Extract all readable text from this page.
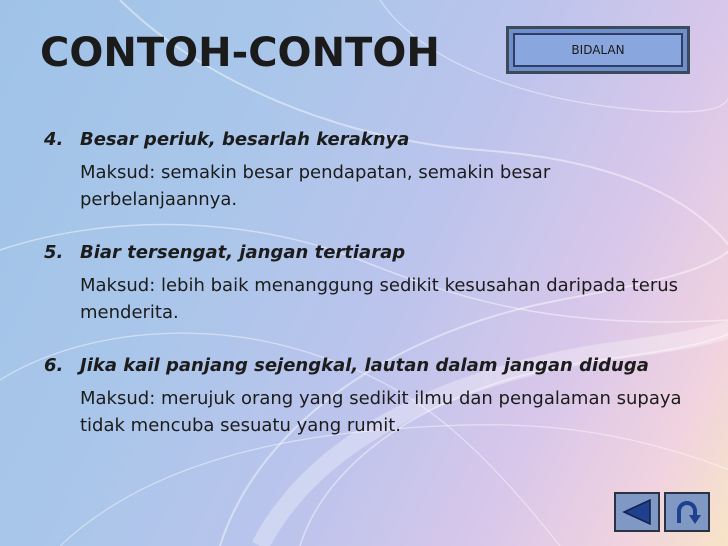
CONTOH-CONTOH	BIDALAN
4. Besar periuk, besarlah keraknya
Maksud: semakin besar pendapatan, semakin besar perbelanjaannya.
5. Biar tersengat, jangan tertiarap
Maksud: lebih baik menanggung sedikit kesusahan daripada terus menderita.
6. Jika kail panjang sejengkal, lautan dalam jangan diduga
Maksud: merujuk orang yang sedikit ilmu dan pengalaman supaya tidak mencuba sesuatu yang rumit.
